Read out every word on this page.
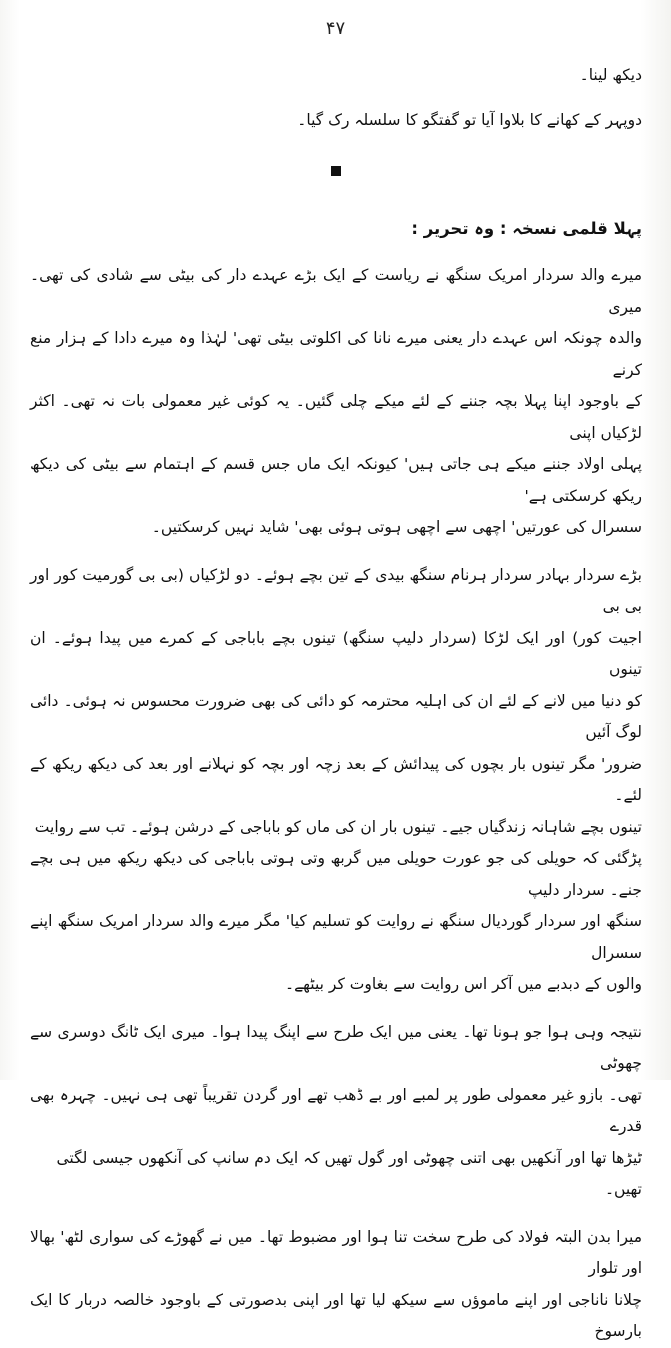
۴۷

دیکھ لینا۔

دوپہر کے کھانے کا بلاوا آیا تو گفتگو کا سلسلہ رک گیا۔

پہلا قلمی نسخہ : وہ تحریر :

میرے والد سردار امریک سنگھ نے ریاست کے ایک بڑے عہدے دار کی بیٹی سے شادی کی تھی۔ میری

والدہ چونکہ اس عہدے دار یعنی میرے نانا کی اکلوتی بیٹی تھی' لہٰذا وہ میرے دادا کے ہزار منع کرنے

کے باوجود اپنا پہلا بچہ جننے کے لئے میکے چلی گئیں۔ یہ کوئی غیر معمولی بات نہ تھی۔ اکثر لڑکیاں اپنی

پہلی اولاد جننے میکے ہی جاتی ہیں' کیونکہ ایک ماں جس قسم کے اہتمام سے بیٹی کی دیکھ ریکھ کرسکتی ہے'

سسرال کی عورتیں' اچھی سے اچھی ہوتی ہوئی بھی' شاید نہیں کرسکتیں۔

بڑے سردار بہادر سردار ہرنام سنگھ بیدی کے تین بچے ہوئے۔ دو لڑکیاں (بی بی گورمیت کور اور بی بی

اجیت کور) اور ایک لڑکا (سردار دلیپ سنگھ) تینوں بچے باباجی کے کمرے میں پیدا ہوئے۔ ان تینوں

کو دنیا میں لانے کے لئے ان کی اہلیہ محترمہ کو دائی کی بھی ضرورت محسوس نہ ہوئی۔ دائی لوگ آئیں

ضرور' مگر تینوں بار بچوں کی پیدائش کے بعد زچہ اور بچہ کو نہلانے اور بعد کی دیکھ ریکھ کے لئے۔

تینوں بچے شاہانہ زندگیاں جیے۔ تینوں بار ان کی ماں کو باباجی کے درشن ہوئے۔ تب سے روایت

پڑگئی کہ حویلی کی جو عورت حویلی میں گربھ وتی ہوتی باباجی کی دیکھ ریکھ میں ہی بچے جنے۔ سردار دلیپ

سنگھ اور سردار گوردیال سنگھ نے روایت کو تسلیم کیا' مگر میرے والد سردار امریک سنگھ اپنے سسرال

والوں کے دبدبے میں آکر اس روایت سے بغاوت کر بیٹھے۔

نتیجہ وہی ہوا جو ہونا تھا۔ یعنی میں ایک طرح سے اپنگ پیدا ہوا۔ میری ایک ٹانگ دوسری سے چھوٹی

تھی۔ بازو غیر معمولی طور پر لمبے اور بے ڈھب تھے اور گردن تقریباً تھی ہی نہیں۔ چہرہ بھی قدرے

ٹیڑھا تھا اور آنکھیں بھی اتنی چھوٹی اور گول تھیں کہ ایک دم سانپ کی آنکھوں جیسی لگتی

تھیں۔

میرا بدن البتہ فولاد کی طرح سخت تنا ہوا اور مضبوط تھا۔ میں نے گھوڑے کی سواری لٹھ' بھالا اور تلوار

چلانا ناناجی اور اپنے ماموؤں سے سیکھ لیا تھا اور اپنی بدصورتی کے باوجود خالصہ دربار کا ایک بارسوخ
